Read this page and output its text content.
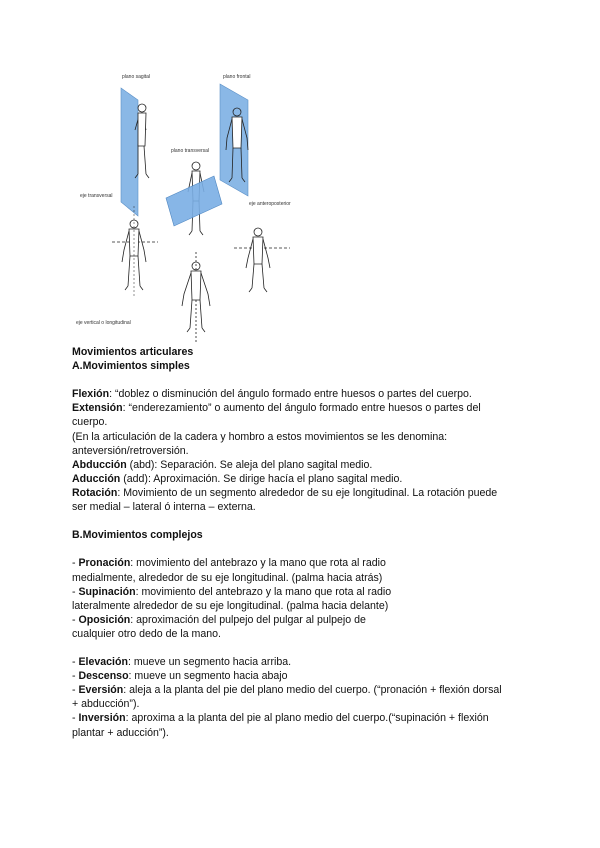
plano sagital	plano frontal
plano transversal
eje transversal
eje anteroposterior
eje vertical o longitudinal
Movimientos articulares
A.Movimientos simples
Flexión: “doblez o disminución del ángulo formado entre huesos o partes del cuerpo.
Extensión: “enderezamiento” o aumento del ángulo formado entre huesos o partes del
cuerpo.
(En la articulación de la cadera y hombro a estos movimientos se les denomina:
anteversión/retroversión.
Abducción (abd): Separación. Se aleja del plano sagital medio.
Aducción (add): Aproximación. Se dirige hacía el plano sagital medio.
Rotación: Movimiento de un segmento alrededor de su eje longitudinal. La rotación puede
ser medial – lateral ó interna – externa.
B.Movimientos complejos
- Pronación: movimiento del antebrazo y la mano que rota al radio
medialmente, alrededor de su eje longitudinal. (palma hacia atrás)
- Supinación: movimiento del antebrazo y la mano que rota al radio
lateralmente alrededor de su eje longitudinal. (palma hacia delante)
- Oposición: aproximación del pulpejo del pulgar al pulpejo de
cualquier otro dedo de la mano.
- Elevación: mueve un segmento hacia arriba.
- Descenso: mueve un segmento hacia abajo
- Eversión: aleja a la planta del pie del plano medio del cuerpo. (“pronación + flexión dorsal
+ abducción”).
- Inversión: aproxima a la planta del pie al plano medio del cuerpo.(“supinación + flexión
plantar + aducción”).
